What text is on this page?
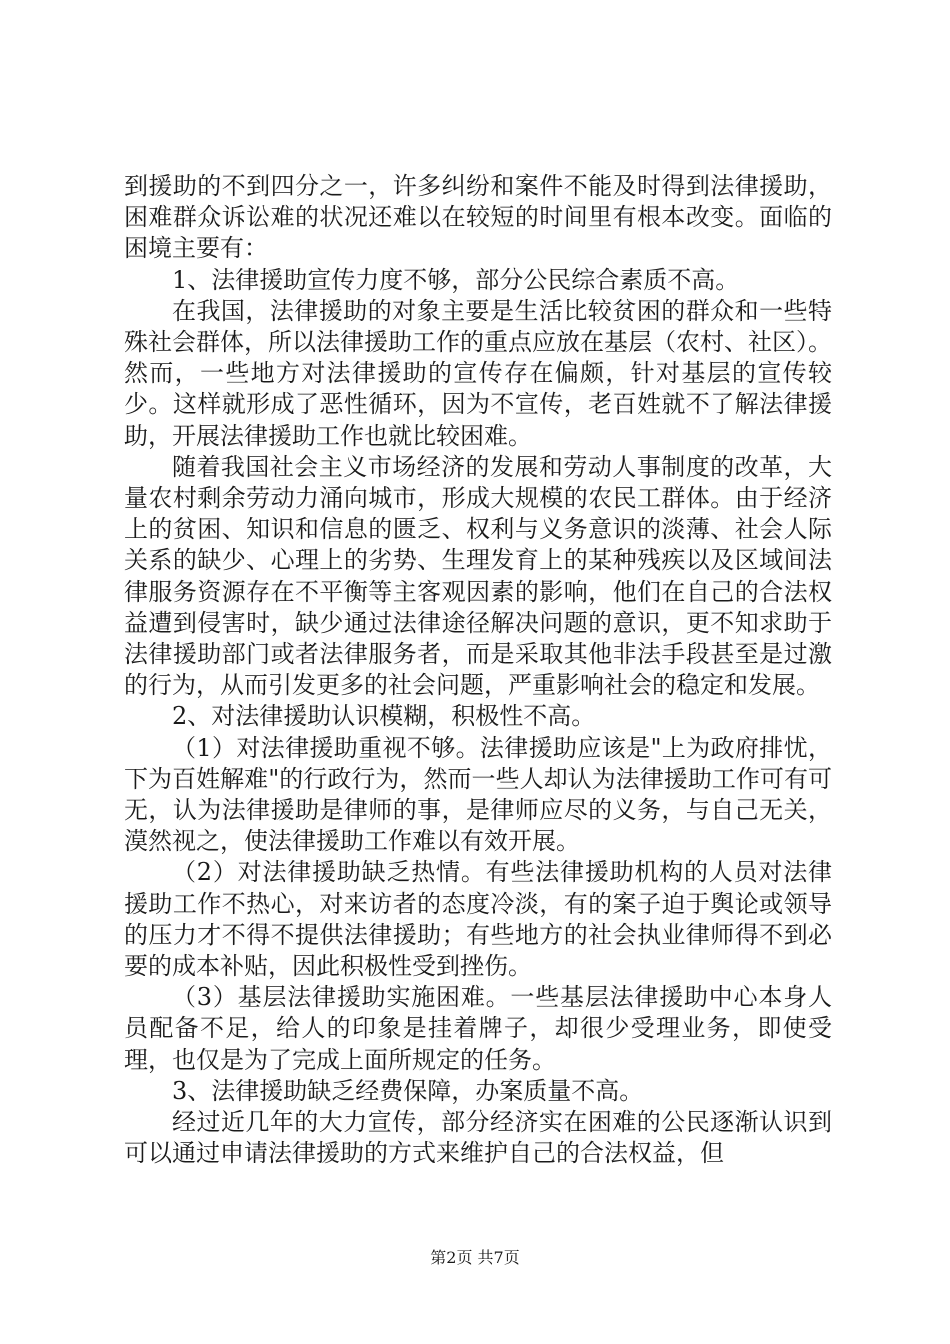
到援助的不到四分之一，许多纠纷和案件不能及时得到法律援助，困难群众诉讼难的状况还难以在较短的时间里有根本改变。面临的困境主要有：

1、法律援助宣传力度不够，部分公民综合素质不高。

在我国，法律援助的对象主要是生活比较贫困的群众和一些特殊社会群体，所以法律援助工作的重点应放在基层（农村、社区）。然而，一些地方对法律援助的宣传存在偏颇，针对基层的宣传较少。这样就形成了恶性循环，因为不宣传，老百姓就不了解法律援助，开展法律援助工作也就比较困难。

随着我国社会主义市场经济的发展和劳动人事制度的改革，大量农村剩余劳动力涌向城市，形成大规模的农民工群体。由于经济上的贫困、知识和信息的匮乏、权利与义务意识的淡薄、社会人际关系的缺少、心理上的劣势、生理发育上的某种残疾以及区域间法律服务资源存在不平衡等主客观因素的影响，他们在自己的合法权益遭到侵害时，缺少通过法律途径解决问题的意识，更不知求助于法律援助部门或者法律服务者，而是采取其他非法手段甚至是过激的行为，从而引发更多的社会问题，严重影响社会的稳定和发展。

2、对法律援助认识模糊，积极性不高。

（1）对法律援助重视不够。法律援助应该是"上为政府排忧，下为百姓解难"的行政行为，然而一些人却认为法律援助工作可有可无，认为法律援助是律师的事，是律师应尽的义务，与自己无关，漠然视之，使法律援助工作难以有效开展。

（2）对法律援助缺乏热情。有些法律援助机构的人员对法律援助工作不热心，对来访者的态度冷淡，有的案子迫于舆论或领导的压力才不得不提供法律援助；有些地方的社会执业律师得不到必要的成本补贴，因此积极性受到挫伤。

（3）基层法律援助实施困难。一些基层法律援助中心本身人员配备不足，给人的印象是挂着牌子，却很少受理业务，即使受理，也仅是为了完成上面所规定的任务。

3、法律援助缺乏经费保障，办案质量不高。

经过近几年的大力宣传，部分经济实在困难的公民逐渐认识到可以通过申请法律援助的方式来维护自己的合法权益，但

第2页 共7页
